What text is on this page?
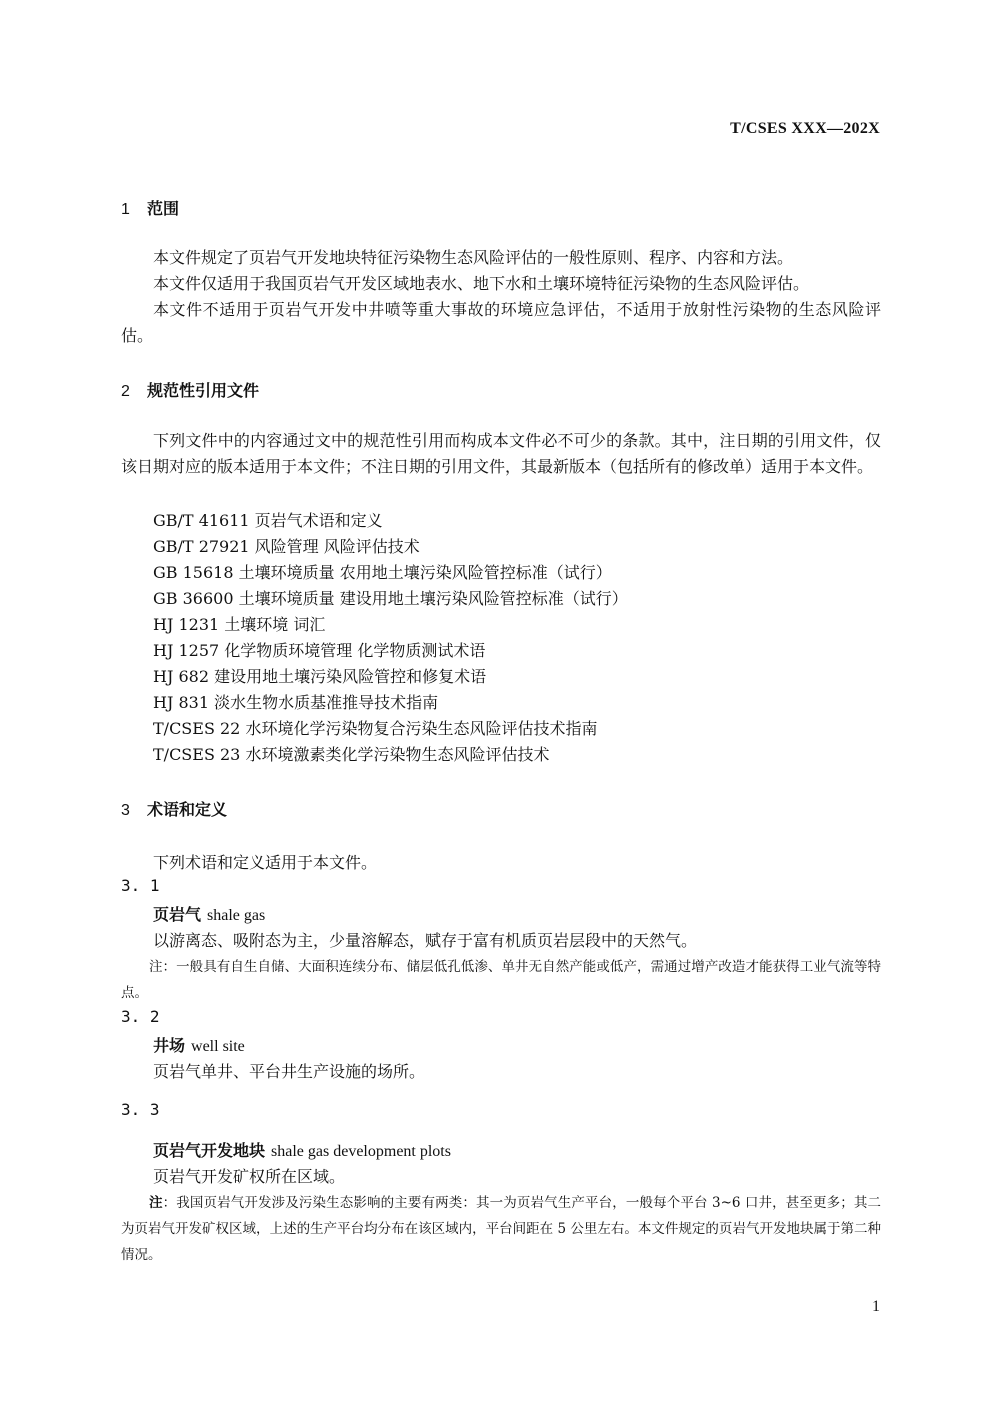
T/CSES XXX—202X
1 范围
本文件规定了页岩气开发地块特征污染物生态风险评估的一般性原则、程序、内容和方法。
本文件仅适用于我国页岩气开发区域地表水、地下水和土壤环境特征污染物的生态风险评估。
本文件不适用于页岩气开发中井喷等重大事故的环境应急评估，不适用于放射性污染物的生态风险评估。
2 规范性引用文件
下列文件中的内容通过文中的规范性引用而构成本文件必不可少的条款。其中，注日期的引用文件，仅该日期对应的版本适用于本文件；不注日期的引用文件，其最新版本（包括所有的修改单）适用于本文件。
GB/T 41611 页岩气术语和定义
GB/T 27921 风险管理 风险评估技术
GB 15618 土壤环境质量 农用地土壤污染风险管控标准（试行）
GB 36600 土壤环境质量 建设用地土壤污染风险管控标准（试行）
HJ 1231 土壤环境 词汇
HJ 1257 化学物质环境管理 化学物质测试术语
HJ 682 建设用地土壤污染风险管控和修复术语
HJ 831 淡水生物水质基准推导技术指南
T/CSES 22 水环境化学污染物复合污染生态风险评估技术指南
T/CSES 23 水环境激素类化学污染物生态风险评估技术
3 术语和定义
下列术语和定义适用于本文件。
3. 1
页岩气 shale gas
以游离态、吸附态为主，少量溶解态，赋存于富有机质页岩层段中的天然气。
注：一般具有自生自储、大面积连续分布、储层低孔低渗、单井无自然产能或低产，需通过增产改造才能获得工业气流等特点。
3. 2
井场 well site
页岩气单井、平台井生产设施的场所。
3. 3
页岩气开发地块 shale gas development plots
页岩气开发矿权所在区域。
注：我国页岩气开发涉及污染生态影响的主要有两类：其一为页岩气生产平台，一般每个平台 3~6 口井，甚至更多；其二为页岩气开发矿权区域，上述的生产平台均分布在该区域内，平台间距在 5 公里左右。本文件规定的页岩气开发地块属于第二种情况。
1
